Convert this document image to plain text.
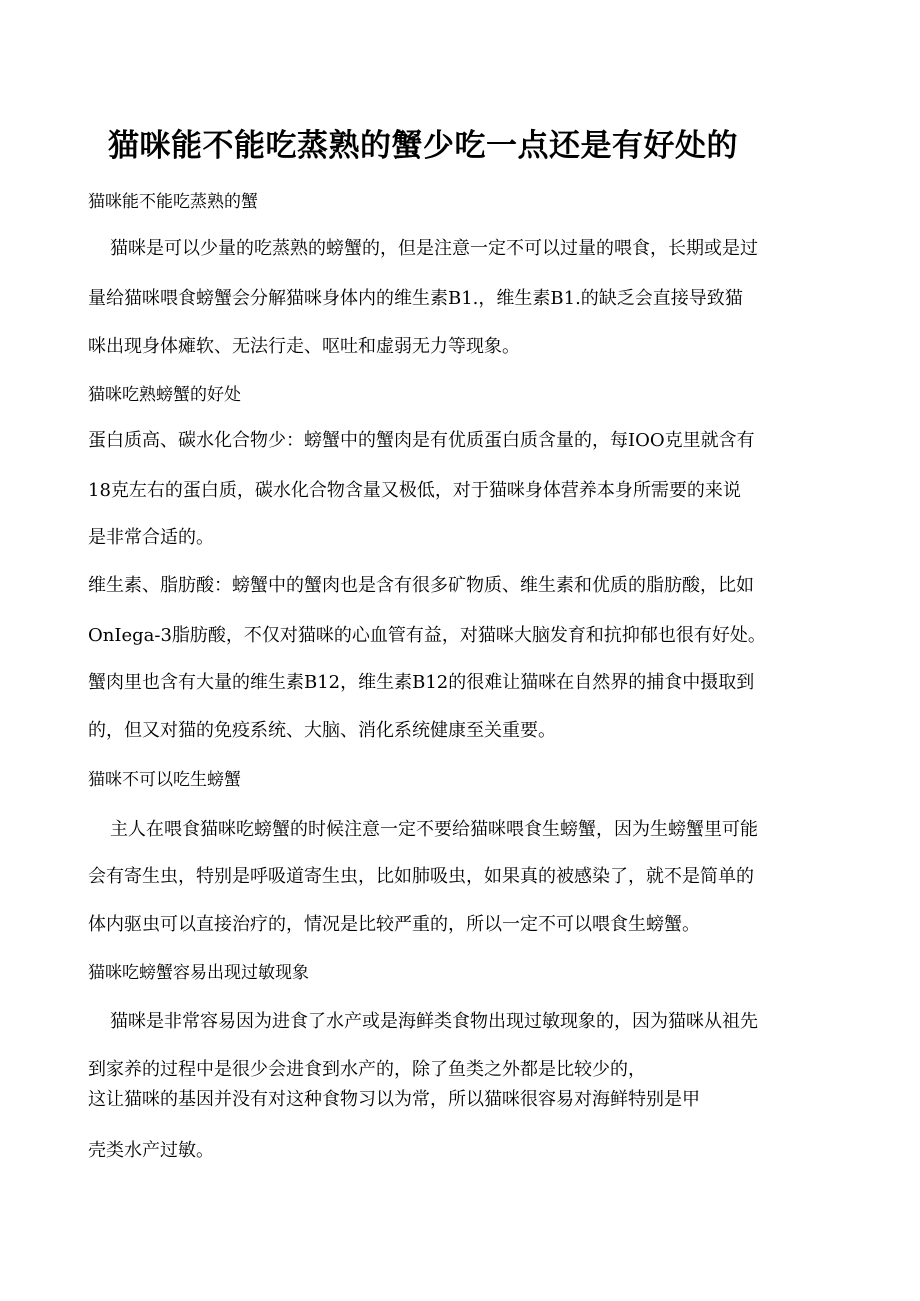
猫咪能不能吃蒸熟的蟹少吃一点还是有好处的
猫咪能不能吃蒸熟的蟹
猫咪是可以少量的吃蒸熟的螃蟹的，但是注意一定不可以过量的喂食，长期或是过
量给猫咪喂食螃蟹会分解猫咪身体内的维生素B1.，维生素B1.的缺乏会直接导致猫
咪出现身体瘫软、无法行走、呕吐和虚弱无力等现象。
猫咪吃熟螃蟹的好处
蛋白质高、碳水化合物少：螃蟹中的蟹肉是有优质蛋白质含量的，每IOO克里就含有
18克左右的蛋白质，碳水化合物含量又极低，对于猫咪身体营养本身所需要的来说
是非常合适的。
维生素、脂肪酸：螃蟹中的蟹肉也是含有很多矿物质、维生素和优质的脂肪酸，比如
OnIega-3脂肪酸，不仅对猫咪的心血管有益，对猫咪大脑发育和抗抑郁也很有好处。
蟹肉里也含有大量的维生素B12，维生素B12的很难让猫咪在自然界的捕食中摄取到
的，但又对猫的免疫系统、大脑、消化系统健康至关重要。
猫咪不可以吃生螃蟹
主人在喂食猫咪吃螃蟹的时候注意一定不要给猫咪喂食生螃蟹，因为生螃蟹里可能
会有寄生虫，特别是呼吸道寄生虫，比如肺吸虫，如果真的被感染了，就不是简单的
体内驱虫可以直接治疗的，情况是比较严重的，所以一定不可以喂食生螃蟹。
猫咪吃螃蟹容易出现过敏现象
猫咪是非常容易因为进食了水产或是海鲜类食物出现过敏现象的，因为猫咪从祖先
到家养的过程中是很少会进食到水产的，除了鱼类之外都是比较少的，
这让猫咪的基因并没有对这种食物习以为常，所以猫咪很容易对海鲜特别是甲
壳类水产过敏。
